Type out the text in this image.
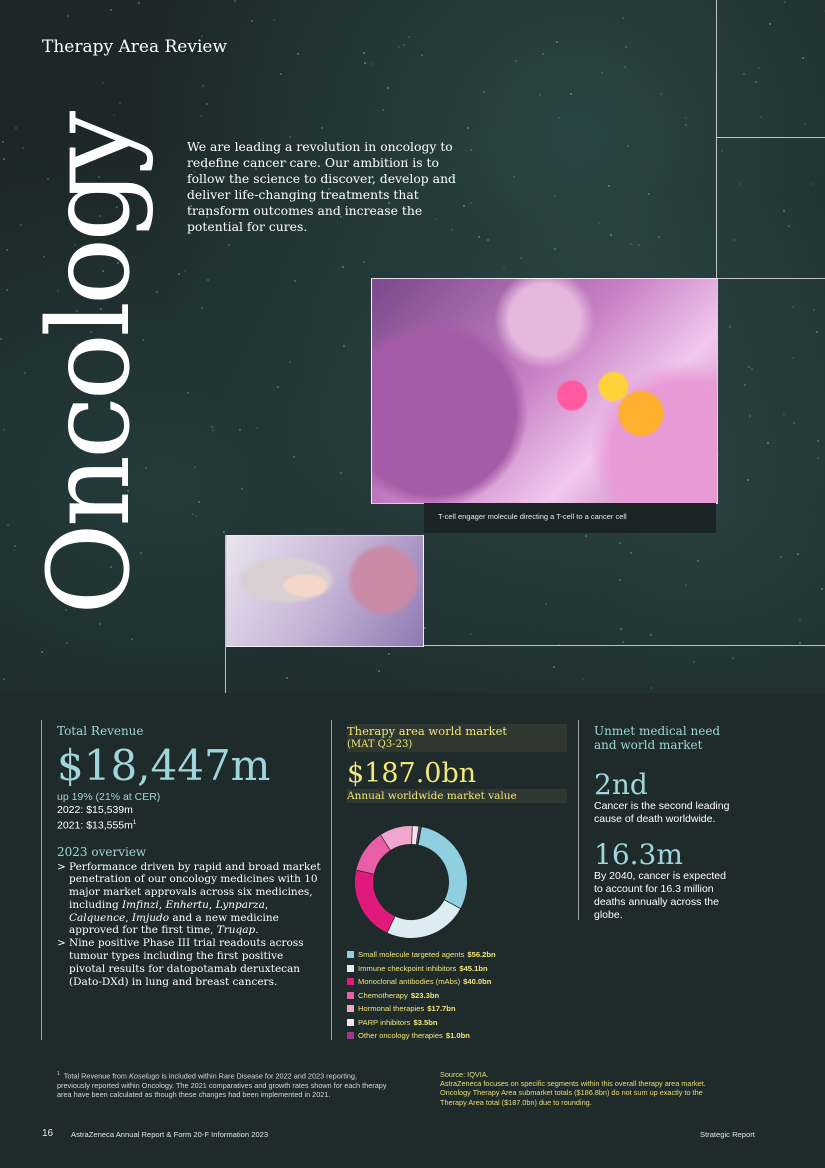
Therapy Area Review
Oncology	We are leading a revolution in oncology to redefine cancer care. Our ambition is to follow the science to discover, develop and deliver life-changing treatments that transform outcomes and increase the potential for cures.
T-cell engager molecule directing a T-cell to a cancer cell
Total Revenue
$18,447m
up 19% (21% at CER)
2022: $15,539m
2021: $\$13,555m^1$
2023 overview
> Performance driven by rapid and broad market penetration of our oncology medicines with 10 major market approvals across six medicines, including Imfinzi, Enhertu, Lynparza, Calquence, Imjudo and a new medicine approved for the first time, Truqap.
> Nine positive Phase III trial readouts across tumour types including the first positive pivotal results for datopotamab deruxtecan (Dato-DXd) in lung and breast cancers.
Therapy area world market
(MAT Q3-23)
$187.0bn
Annual worldwide market value
Small molecule targeted agents $56.2bn
Immune checkpoint inhibitors $45.1bn
Monoclonal antibodies (mAbs) $40.0bn
Chemotherapy $23.3bn
Hormonal therapies $17.7bn
PARP inhibitors $3.5bn
Other oncology therapies $1.0bn
Unmet medical need
and world market
2nd
Cancer is the second leading cause of death worldwide.
16.3m
By 2040, cancer is expected to account for 16.3 million deaths annually across the globe.
$^1$ Total Revenue from Koselugo is included within Rare Disease for 2022 and 2023 reporting, previously reported within Oncology. The 2021 comparatives and growth rates shown for each therapy area have been calculated as though these changes had been implemented in 2021.
Source: IQVIA.
AstraZeneca focuses on specific segments within this overall therapy area market. Oncology Therapy Area submarket totals ($186.8bn) do not sum up exactly to the Therapy Area total ($187.0bn) due to rounding.
16 AstraZeneca Annual Report & Form 20-F Information 2023	Strategic Report
